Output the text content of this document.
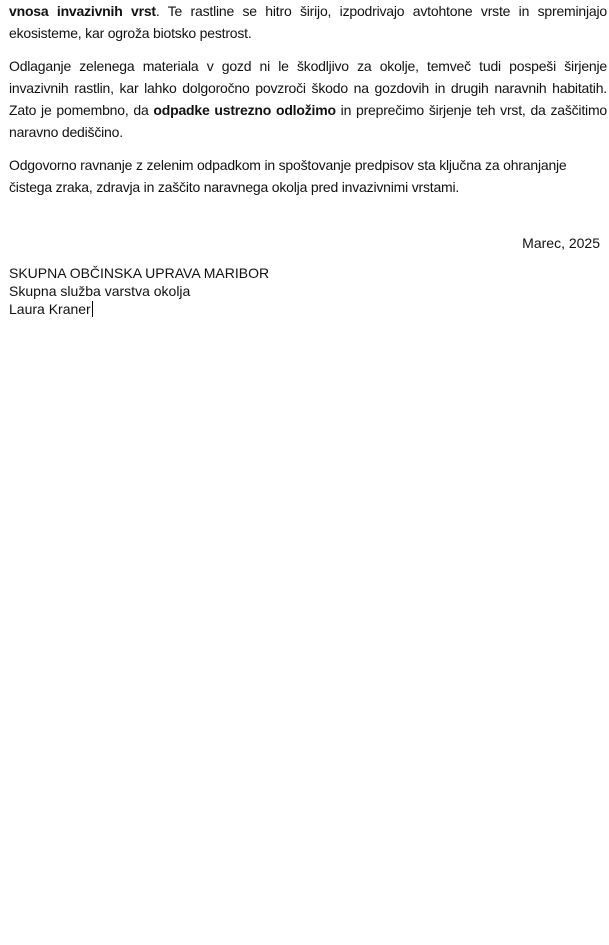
vnosa invazivnih vrst. Te rastline se hitro širijo, izpodrivajo avtohtone vrste in spreminjajo ekosisteme, kar ogroža biotsko pestrost.

Odlaganje zelenega materiala v gozd ni le škodljivo za okolje, temveč tudi pospeši širjenje invazivnih rastlin, kar lahko dolgoročno povzroči škodo na gozdovih in drugih naravnih habitatih. Zato je pomembno, da odpadke ustrezno odložimo in preprečimo širjenje teh vrst, da zaščitimo naravno dediščino.

Odgovorno ravnanje z zelenim odpadkom in spoštovanje predpisov sta ključna za ohranjanje čistega zraka, zdravja in zaščito naravnega okolja pred invazivnimi vrstami.

Marec, 2025
SKUPNA OBČINSKA UPRAVA MARIBOR
Skupna služba varstva okolja
Laura Kraner
